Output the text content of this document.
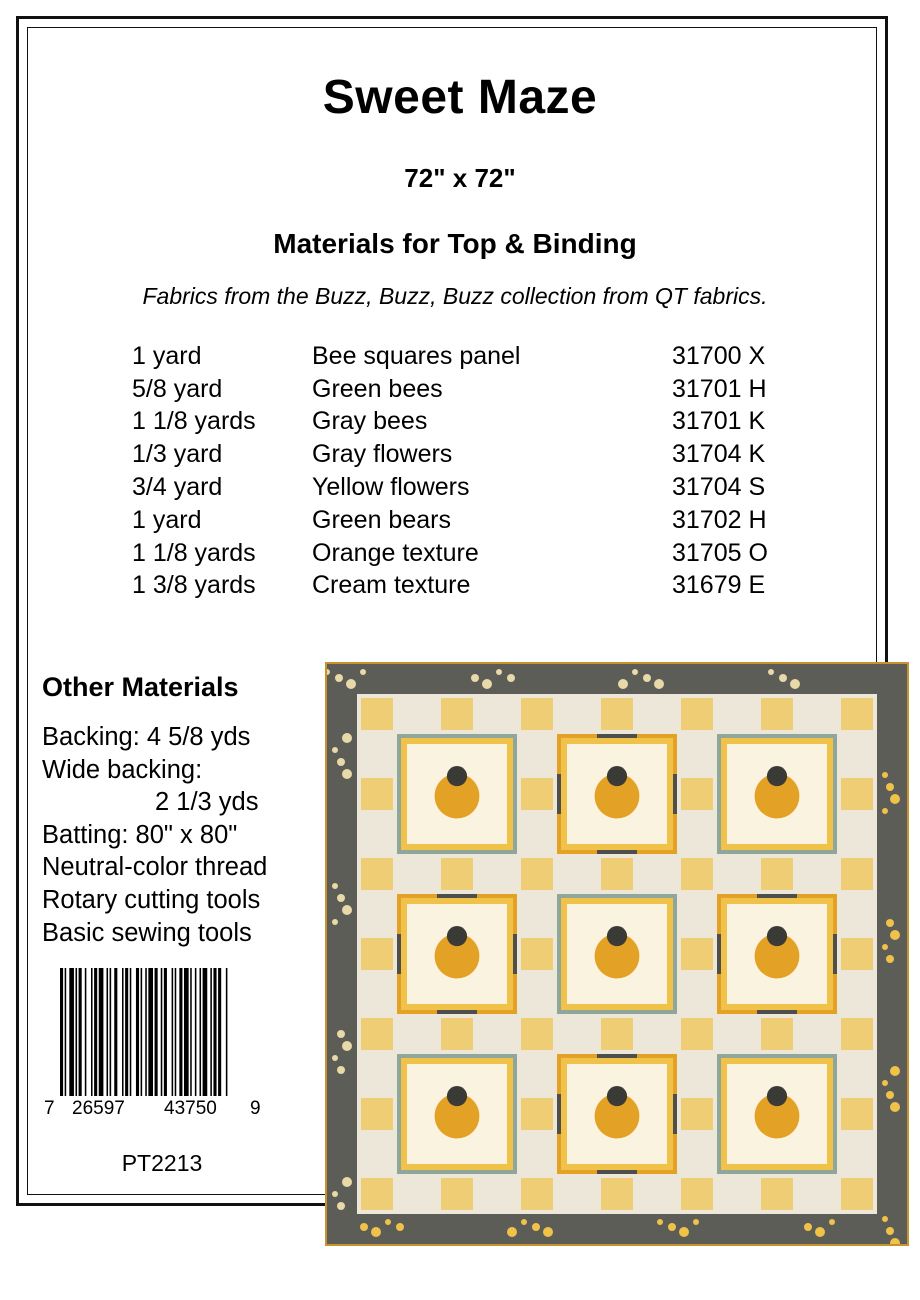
Sweet Maze
72" x 72"
Materials for Top & Binding
Fabrics from the Buzz, Buzz, Buzz collection from QT fabrics.
1 yard	Bee squares panel	31700 X
5/8 yard	Green bees	31701 H
1 1/8 yards	Gray bees	31701 K
1/3 yard	Gray flowers	31704 K
3/4 yard	Yellow flowers	31704 S
1 yard	Green bears	31702 H
1 1/8 yards	Orange texture	31705 O
1 3/8 yards	Cream texture	31679 E
Other Materials
Backing: 4 5/8 yds
Wide backing:
2 1/3 yds
Batting: 80" x 80"
Neutral-color thread
Rotary cutting tools
Basic sewing tools
7 26597 43750 9
PT2213
